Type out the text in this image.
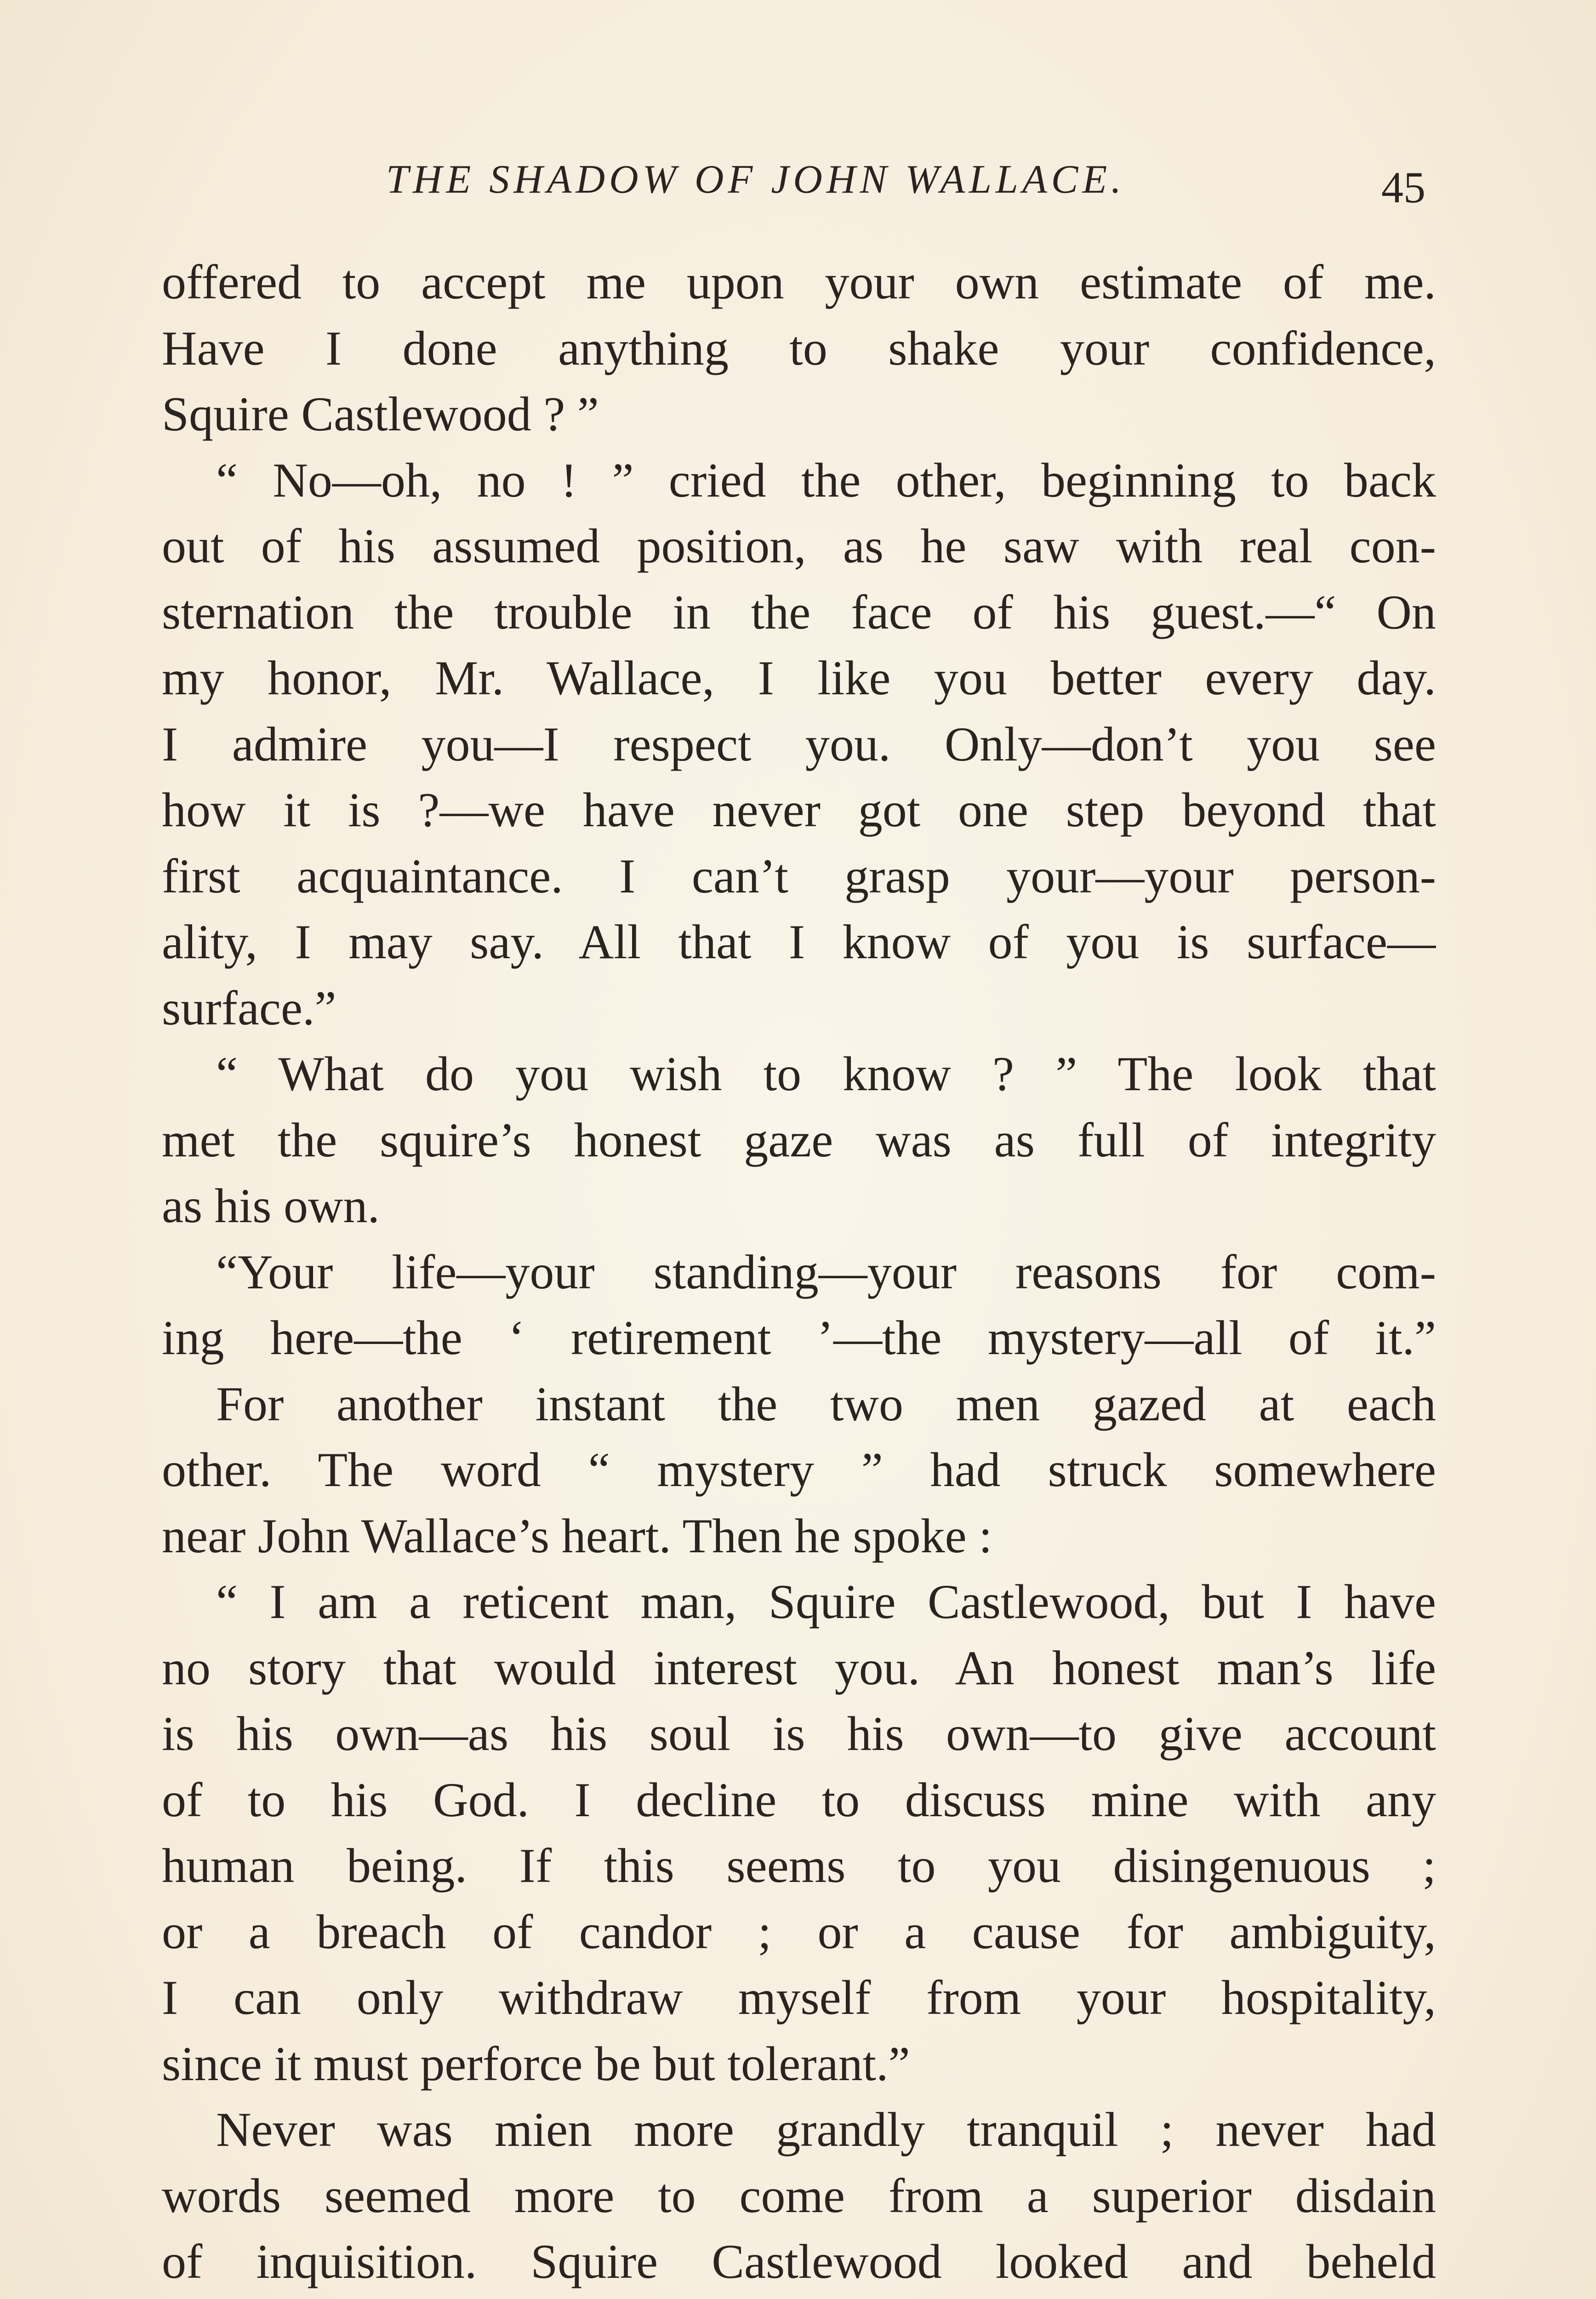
THE SHADOW OF JOHN WALLACE.	45
offered to accept me upon your own estimate of me.
Have I done anything to shake your confidence,
Squire Castlewood ? ”
“ No—oh, no ! ” cried the other, beginning to back
out of his assumed position, as he saw with real con-
sternation the trouble in the face of his guest.—“ On
my honor, Mr. Wallace, I like you better every day.
I admire you—I respect you. Only—don’t you see
how it is ?—we have never got one step beyond that
first acquaintance. I can’t grasp your—your person-
ality, I may say. All that I know of you is surface—
surface.”
“ What do you wish to know ? ” The look that
met the squire’s honest gaze was as full of integrity
as his own.
“Your life—your standing—your reasons for com-
ing here—the ‘ retirement ’—the mystery—all of it.”
For another instant the two men gazed at each
other. The word “ mystery ” had struck somewhere
near John Wallace’s heart. Then he spoke :
“ I am a reticent man, Squire Castlewood, but I have
no story that would interest you. An honest man’s life
is his own—as his soul is his own—to give account
of to his God. I decline to discuss mine with any
human being. If this seems to you disingenuous ;
or a breach of candor ; or a cause for ambiguity,
I can only withdraw myself from your hospitality,
since it must perforce be but tolerant.”
Never was mien more grandly tranquil ; never had
words seemed more to come from a superior disdain
of inquisition. Squire Castlewood looked and beheld
